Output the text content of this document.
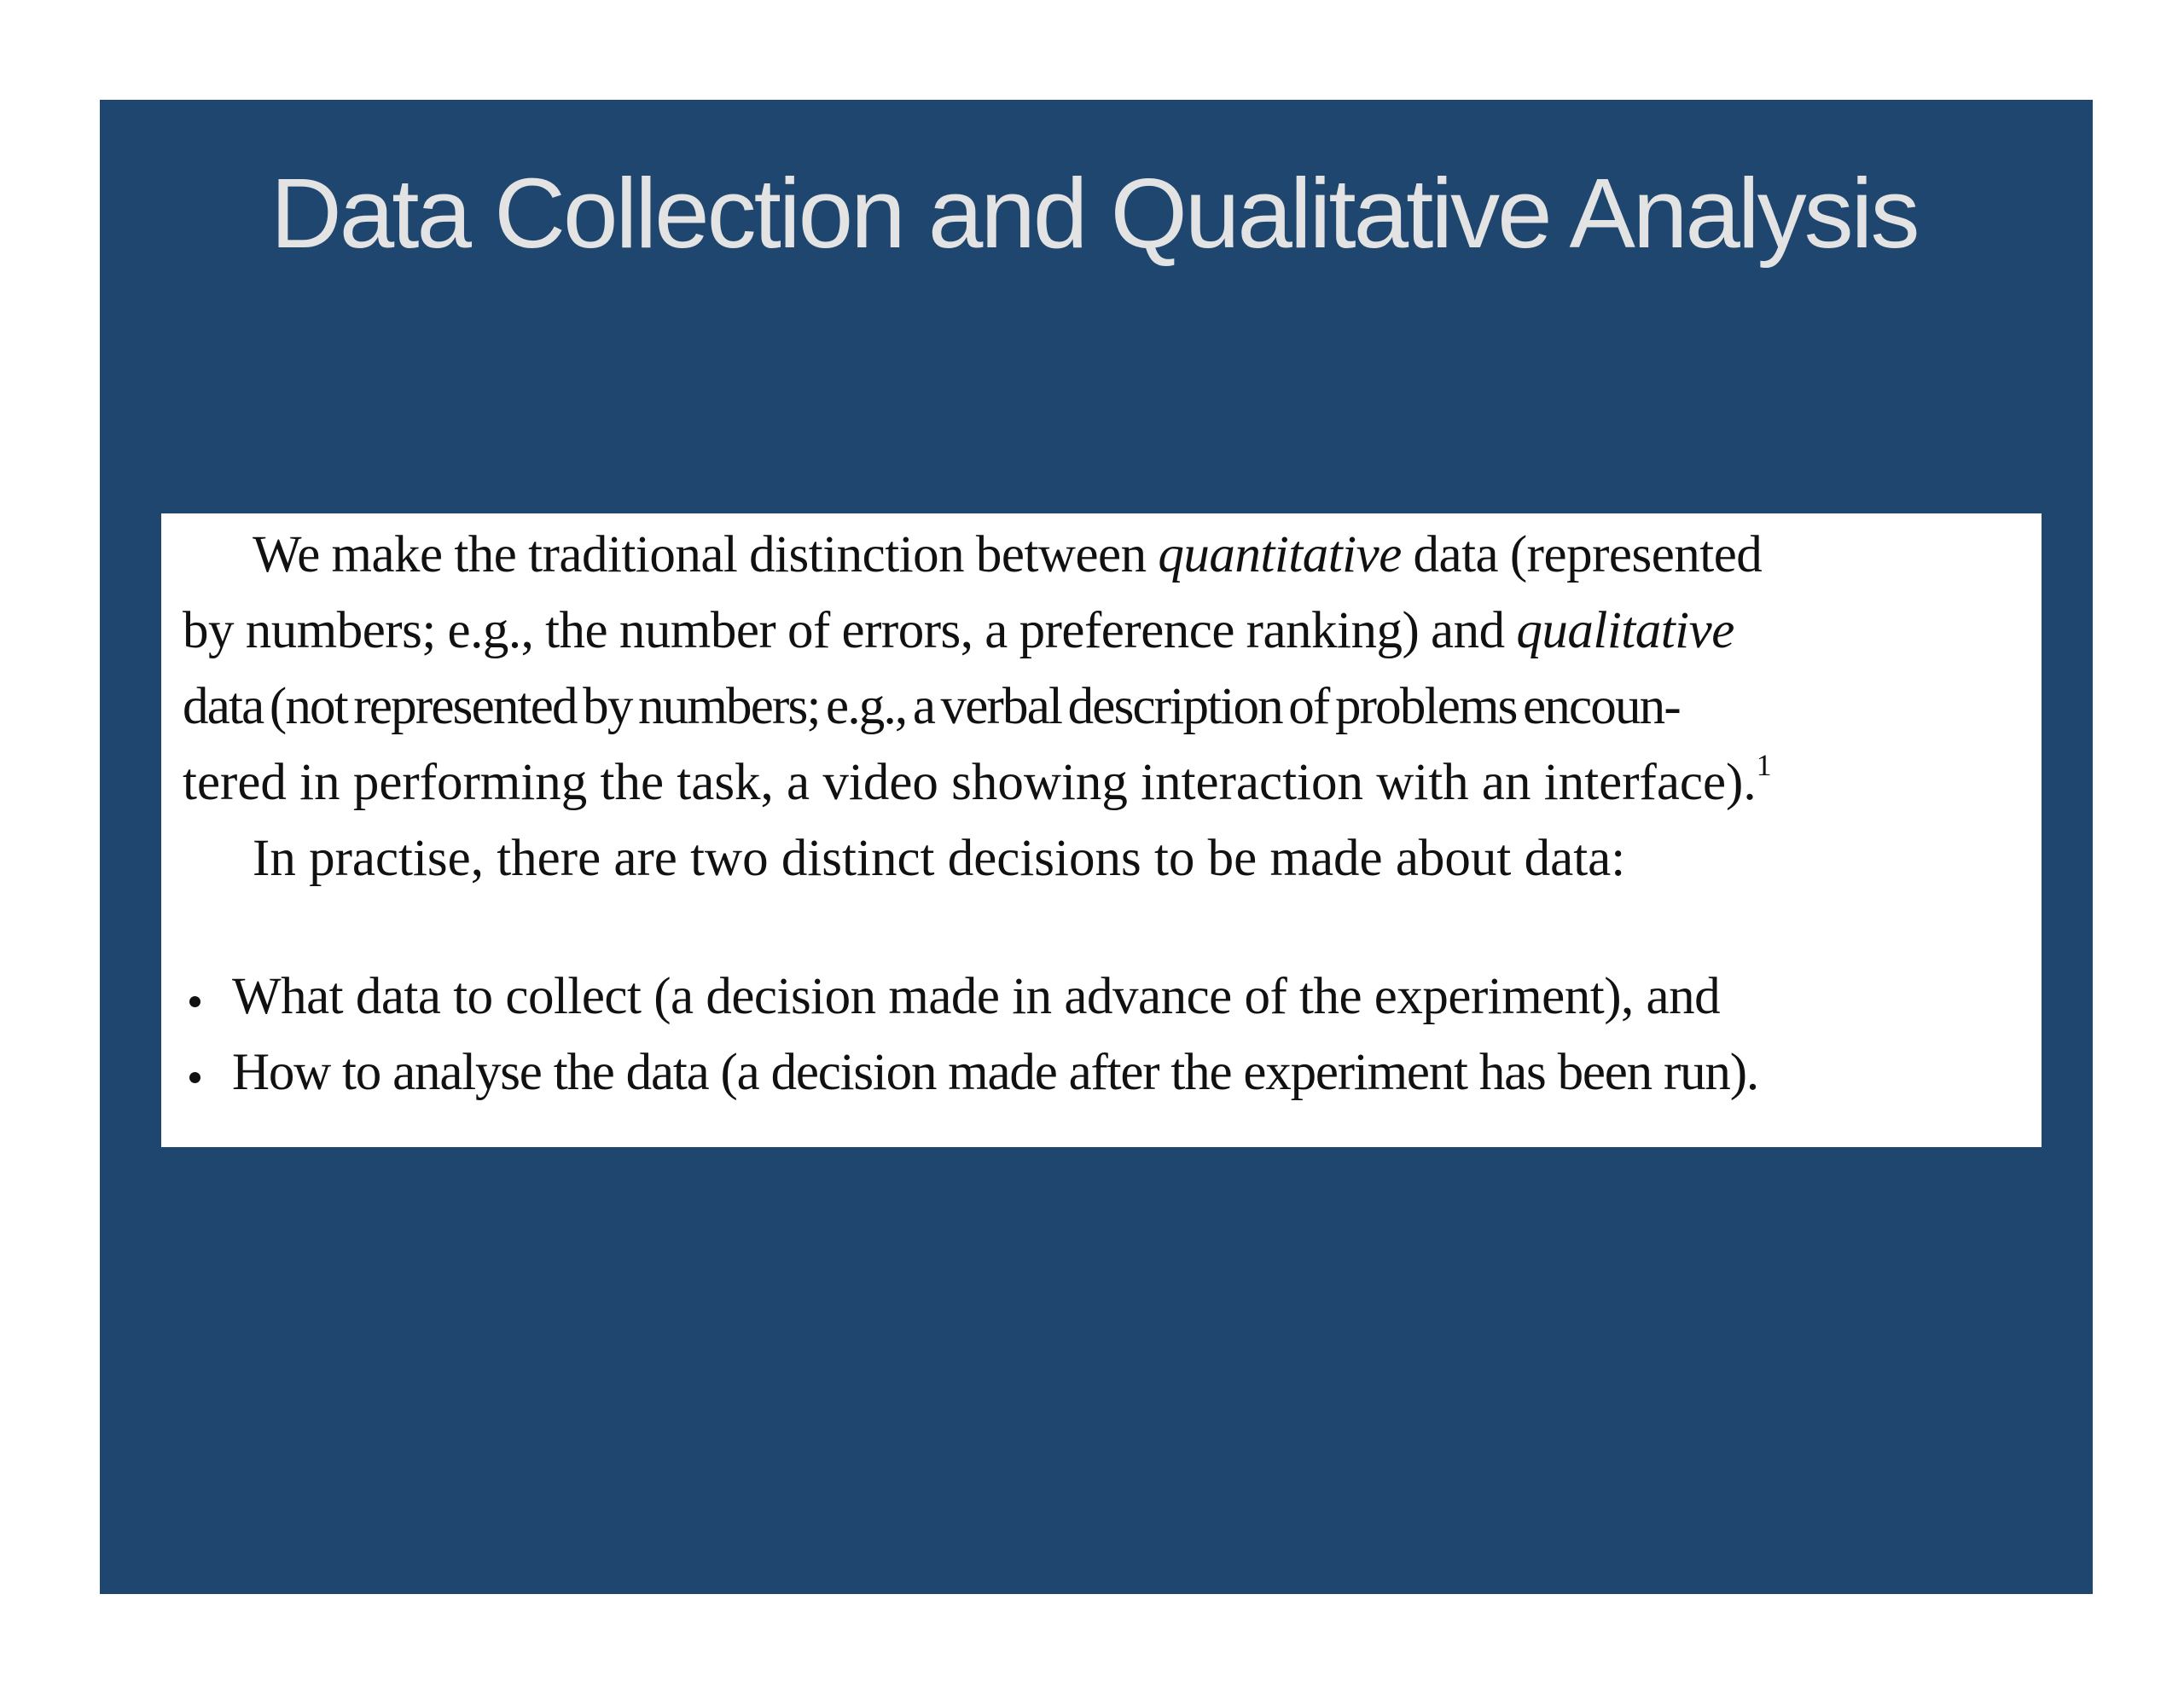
Data Collection and Qualitative Analysis

We make the traditional distinction between quantitative data (represented
by numbers; e.g., the number of errors, a preference ranking) and qualitative

data (not represented by numbers; e.g., a verbal description of problems encoun-

tered in performing the task, a video showing interaction with an interface).$^1$

In practise, there are two distinct decisions to be made about data:

What data to collect (a decision made in advance of the experiment), and
How to analyse the data (a decision made after the experiment has been run).
